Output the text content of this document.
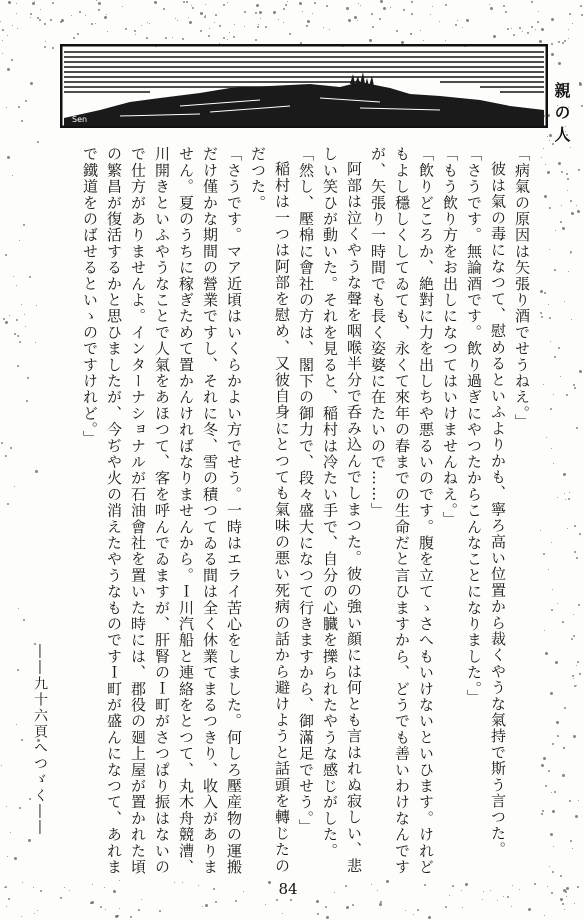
Sen	親の人

「病氣の原因は矢張り酒でせうねえ。」

彼は氣の毒になつて、慰めるといふよりかも、寧ろ高い位置から裁くやうな氣持で斯う言つた。

「さうです。無論酒です。飲り過ぎにやつたからこんなことになりました。」

「もう飲り方をお出しになつてはいけませんねえ。」

「飲りどころか、絶對に力を出しちや悪るいのです。腹を立てゝさへもいけないといひます。けれどもよし穩しくしてゐても、永くて來年の春までの生命だと言ひますから、どうでも善いわけなんですが、矢張り一時間でも長く姿婆に在たいので……」

阿部は泣くやうな聲を咽喉半分で呑み込んでしまつた。彼の強い顔には何とも言はれぬ寂しい、悲しい笑ひが動いた。それを見ると、稲村は冷たい手で、自分の心臓を擽られたやうな感じがした。

「然し、壓棉に會社の方は、閣下の御力で、段々盛大になつて行きますから、御滿足でせう。」

稲村は一つは阿部を慰め、又彼自身にとつても氣味の悪い死病の話から避けようと話頭を轉じたのだつた。

「さうです。マア近頃はいくらかよい方でせう。一時はエライ苦心をしました。何しろ壓産物の運搬だけ僅かな期間の營業ですし、それに冬、雪の積つてゐる間は全く休業てまるつきり、收入がありません。夏のうちに稼ぎためて置かんければなりませんから。Ｉ川汽船と連絡をとつて、丸木舟競漕、川開きといふやうなことで人氣をあほつて、客を呼んでゐますが、肝腎のＩ町がさつぱり振はないので仕方がありませんよ。インターナショナルが石油會社を置いた時には、郡役の廻上屋が置かれた頃の繁昌が復活するかと思ひましたが、今ぢや火の消えたやうなものですＩ町が盛んになつて、あれまで鐵道をのばせるといゝのですけれど。」

――九十六頁へつゞく――
84
